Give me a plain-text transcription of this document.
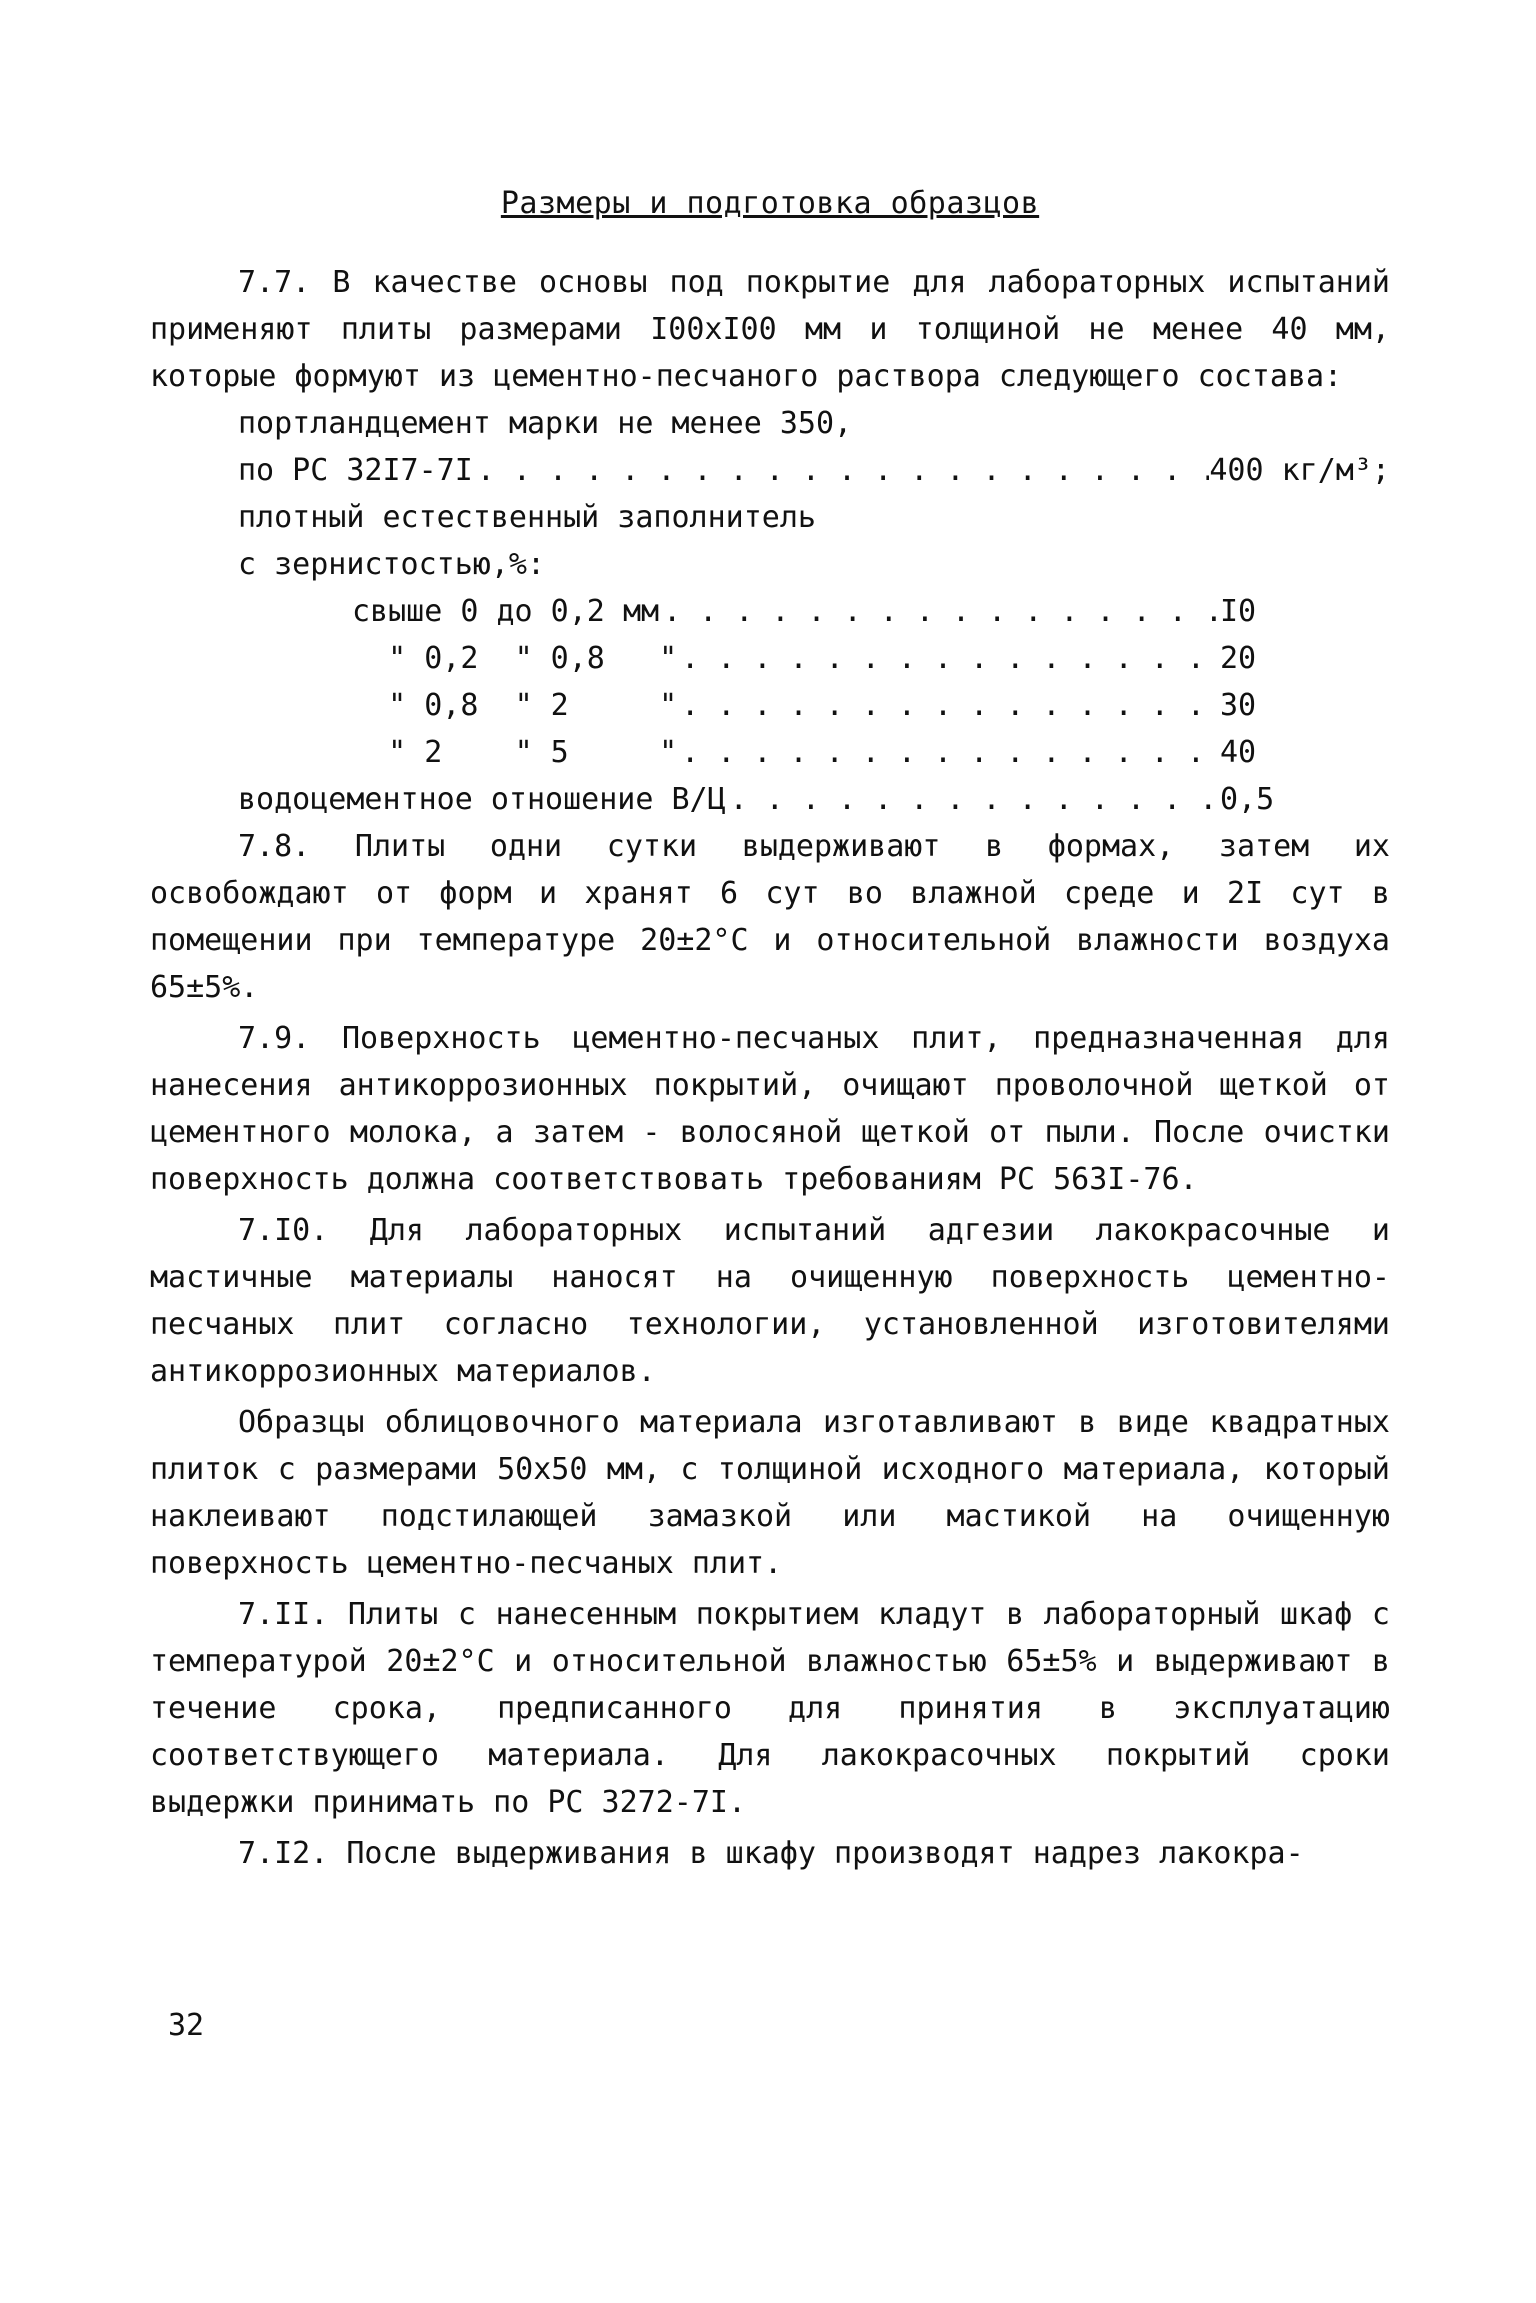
Размеры и подготовка образцов
7.7. В качестве основы под покрытие для лабораторных испытаний применяют плиты размерами I00хI00 мм и толщиной не менее 40 мм, которые формуют из цементно-песчаного раствора следующего состава:
портландцемент марки не менее 350,
по РС 32I7-7I . . .	400 кг/м³;
плотный естественный заполнитель
с зернистостью,%:
свыше 0 до 0,2 мм . . .	I0
" 0,2 " 0,8 " . . .	20
" 0,8 " 2	" . . .	30
" 2 " 5	" . . .	40
водоцементное отношение В/Ц . . .	0,5
7.8. Плиты одни сутки выдерживают в формах, затем их освобождают от форм и хранят 6 сут во влажной среде и 2I сут в помещении при температуре 20±2°С и относительной влажности воздуха 65±5%.
7.9. Поверхность цементно-песчаных плит, предназначенная для нанесения антикоррозионных покрытий, очищают проволочной щеткой от цементного молока, а затем - волосяной щеткой от пыли. После очистки поверхность должна соответствовать требованиям РС 563I-76.
7.I0. Для лабораторных испытаний адгезии лакокрасочные и мастичные материалы наносят на очищенную поверхность цементно-песчаных плит согласно технологии, установленной изготовителями антикоррозионных материалов.
Образцы облицовочного материала изготавливают в виде квадратных плиток с размерами 50х50 мм, с толщиной исходного материала, который наклеивают подстилающей замазкой или мастикой на очищенную поверхность цементно-песчаных плит.
7.II. Плиты с нанесенным покрытием кладут в лабораторный шкаф с температурой 20±2°С и относительной влажностью 65±5% и выдерживают в течение срока, предписанного для принятия в эксплуатацию соответствующего материала. Для лакокрасочных покрытий сроки выдержки принимать по РС 3272-7I.
7.I2. После выдерживания в шкафу производят надрез лакокра-
32
